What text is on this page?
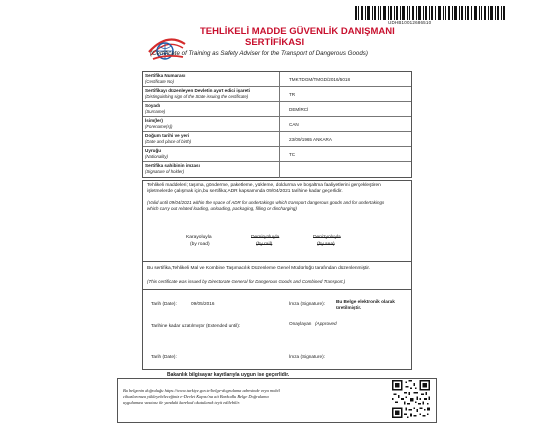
UDHB10012686510
TEHLİKELİ MADDE GÜVENLİK DANIŞMANI
SERTİFİKASI
(Certificate of Training as Safety Adviser for the Transport of Dangerous Goods)
Sertifika Numarası
(Certificate No)	TMKTDGM/TMGD/2016/5018
Sertifikayı düzenleyen Devletin ayırt edici işareti
(Distinguishing sign of the State issuing the certificate)	TR
Soyadı
(Surname)	DEMİRCİ
İsim(ler)
(Forename(s))	CAN
Doğum tarihi ve yeri
(Date and place of birth)	23/09/1965 ANKARA
Uyruğu
(Nationality)	TC
Sertifika sahibinin imzası
(Signature of holder)
Tehlikeli maddeleri; taşıma, gönderme, paketleme, yükleme, doldurma ve boşaltma faaliyetlerini gerçekleştiren
işletmelerde çalışmak için,bu sertifika;ADR kapsamında 09/04/2021 tarihine kadar geçerlidir.
(Valid until 09/04/2021 within the space of ADR for undertakings which transport dangerous goods and for undertakings
which carry out related loading, unloading, packaging, filling or discharging)
Karayoluyla
(by road)
Demiryoluyla
(by rail)
Denizyoluyla
(by sea)
Bu sertifika,Tehlikeli Mal ve Kombine Taşımacılık Düzenleme Genel Müdürlüğü tarafından düzenlenmiştir.
(This certificate was issued by Directorate General for Dangerous Goods and Combined Transport.)
Tarih (Date):	09/05/2016	İmza (Signature): Bu Belge elektronik olarak
üretilmiştir.
Tarihine kadar uzatılmıştır (Extended until):	Onaylayan (Approved
Tarih (Date):	İmza (Signature):
Bakanlık bilgisayar kayıtlarıyla uygun ise geçerlidir.
Bu belgenin doğruluğu https://www.turkiye.gov.tr/belge-dogrulama adresinde veya mobil
cihazlarınıza yükleyebileceğiniz e-Devlet Kapısı'na ait Barkodlu Belge Doğrulama
uygulaması vasıtası ile yandaki karekod okutularak teyit edilebilir.
